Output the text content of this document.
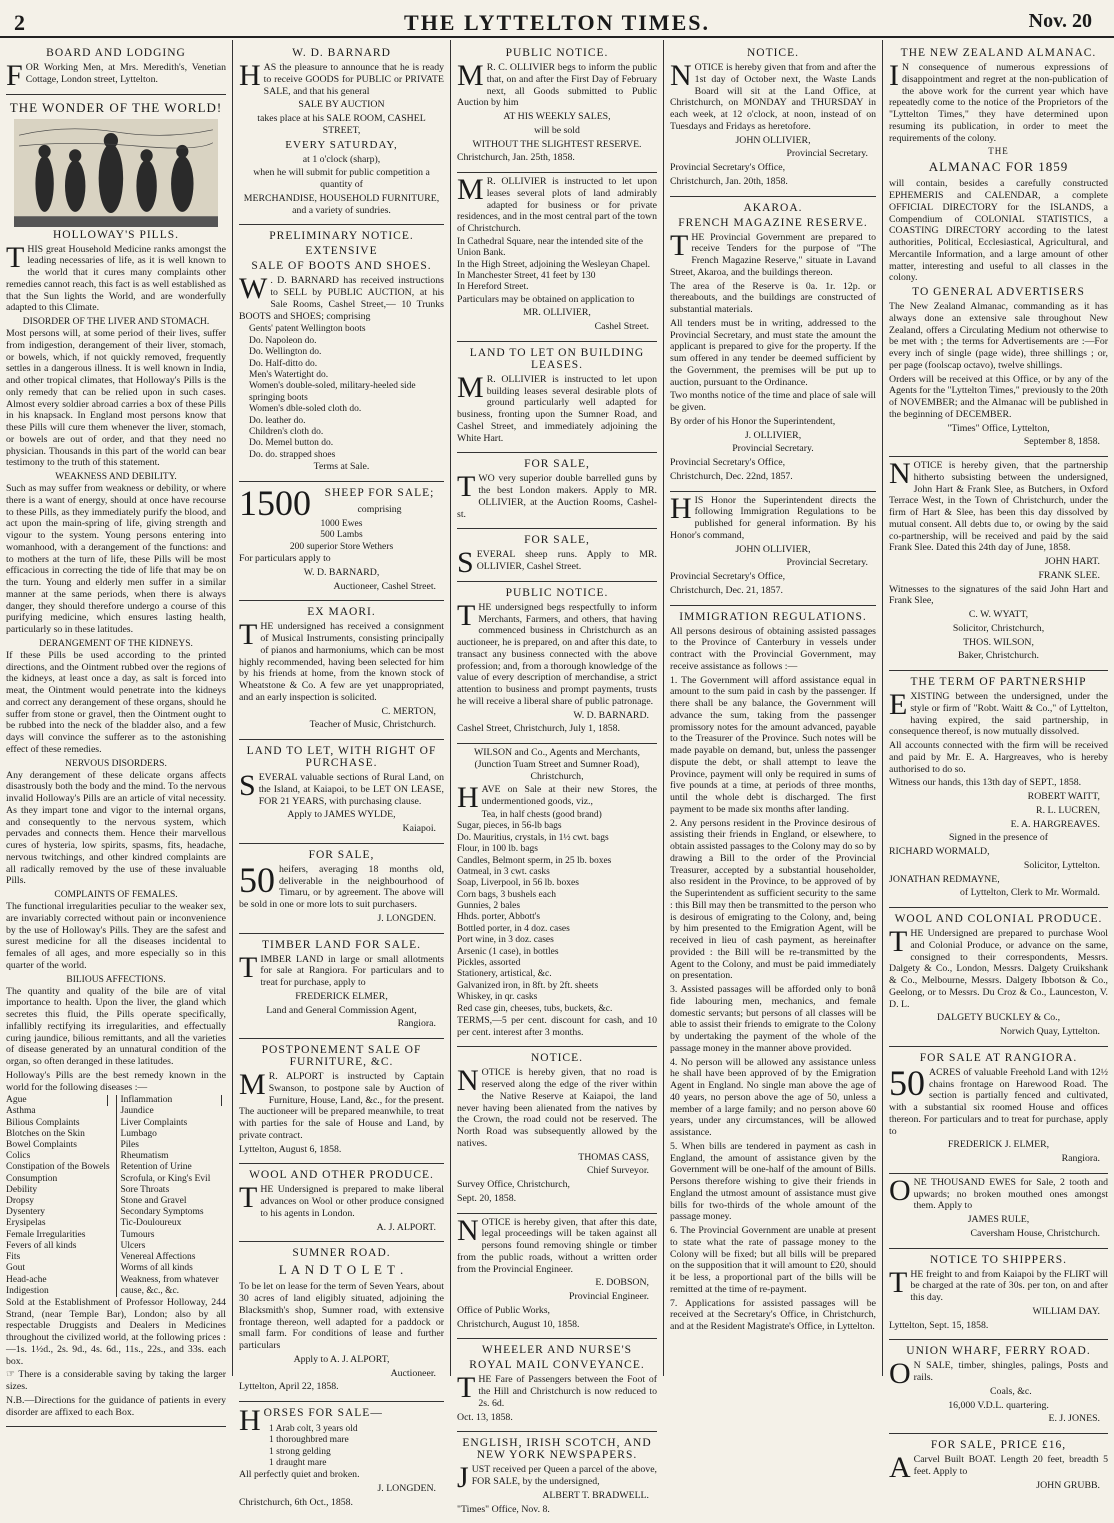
2	THE LYTTELTON TIMES.	Nov. 20
BOARD AND LODGING

FOR Working Men, at Mrs. Meredith's, Venetian Cottage, London street, Lyttelton.

THE WONDER OF THE WORLD!
HOLLOWAY'S PILLS.

THIS great Household Medicine ranks amongst the leading necessaries of life, as it is well known to the world that it cures many complaints other remedies cannot reach, this fact is as well established as that the Sun lights the World, and are wonderfully adapted to this Climate.

DISORDER OF THE LIVER AND STOMACH.

Most persons will, at some period of their lives, suffer from indigestion, derangement of their liver, stomach, or bowels, which, if not quickly removed, frequently settles in a dangerous illness. It is well known in India, and other tropical climates, that Holloway's Pills is the only remedy that can be relied upon in such cases. Almost every soldier abroad carries a box of these Pills in his knapsack. In England most persons know that these Pills will cure them whenever the liver, stomach, or bowels are out of order, and that they need no physician. Thousands in this part of the world can bear testimony to the truth of this statement.

WEAKNESS AND DEBILITY.

Such as may suffer from weakness or debility, or where there is a want of energy, should at once have recourse to these Pills, as they immediately purify the blood, and act upon the main-spring of life, giving strength and vigour to the system. Young persons entering into womanhood, with a derangement of the functions: and to mothers at the turn of life, these Pills will be most efficacious in correcting the tide of life that may be on the turn. Young and elderly men suffer in a similar manner at the same periods, when there is always danger, they should therefore undergo a course of this purifying medicine, which ensures lasting health, particularly so in these latitudes.

DERANGEMENT OF THE KIDNEYS.

If these Pills be used according to the printed directions, and the Ointment rubbed over the regions of the kidneys, at least once a day, as salt is forced into meat, the Ointment would penetrate into the kidneys and correct any derangement of these organs, should he suffer from stone or gravel, then the Ointment ought to be rubbed into the neck of the bladder also, and a few days will convince the sufferer as to the astonishing effect of these remedies.

NERVOUS DISORDERS.

Any derangement of these delicate organs affects disastrously both the body and the mind. To the nervous invalid Holloway's Pills are an article of vital necessity. As they impart tone and vigor to the internal organs, and consequently to the nervous system, which pervades and connects them. Hence their marvellous cures of hysteria, low spirits, spasms, fits, headache, nervous twitchings, and other kindred complaints are all radically removed by the use of these invaluable Pills.

COMPLAINTS OF FEMALES.

The functional irregularities peculiar to the weaker sex, are invariably corrected without pain or inconvenience by the use of Holloway's Pills. They are the safest and surest medicine for all the diseases incidental to females of all ages, and more especially so in this quarter of the world.

BILIOUS AFFECTIONS.

The quantity and quality of the bile are of vital importance to health. Upon the liver, the gland which secretes this fluid, the Pills operate specifically, infallibly rectifying its irregularities, and effectually curing jaundice, bilious remittants, and all the varieties of disease generated by an unnatural condition of the organ, so often deranged in these latitudes.

Holloway's Pills are the best remedy known in the world for the following diseases :—

Ague
Asthma
Bilious Complaints
Blotches on the Skin
Bowel Complaints
Colics
Constipation of the Bowels
Consumption
Debility
Dropsy
Dysentery
Erysipelas
Female Irregularities
Fevers of all kinds
Fits
Gout
Head-ache
Indigestion
Inflammation
Jaundice
Liver Complaints
Lumbago
Piles
Rheumatism
Retention of Urine
Scrofula, or King's Evil
Sore Throats
Stone and Gravel
Secondary Symptoms
Tic-Douloureux
Tumours
Ulcers
Venereal Affections
Worms of all kinds
Weakness, from whatever cause, &c., &c.

Sold at the Establishment of Professor Holloway, 244 Strand, (near Temple Bar), London; also by all respectable Druggists and Dealers in Medicines throughout the civilized world, at the following prices :—1s. 1½d., 2s. 9d., 4s. 6d., 11s., 22s., and 33s. each box.

☞ There is a considerable saving by taking the larger sizes.

N.B.—Directions for the guidance of patients in every disorder are affixed to each Box.

W. D. BARNARD

HAS the pleasure to announce that he is ready to receive GOODS for PUBLIC or PRIVATE SALE, and that his general

SALE BY AUCTION

takes place at his SALE ROOM, CASHEL STREET,

EVERY SATURDAY,

at 1 o'clock (sharp),

when he will submit for public competition a quantity of

MERCHANDISE, HOUSEHOLD FURNITURE, and a variety of sundries.

PRELIMINARY NOTICE.
EXTENSIVE
SALE OF BOOTS AND SHOES.

W . D. BARNARD has received instructions to SELL by PUBLIC AUCTION, at his Sale Rooms, Cashel Street,— 10 Trunks BOOTS and SHOES; comprising

Gents' patent Wellington boots
Do. Napoleon do.
Do. Wellington do.
Do. Half-ditto do.
Men's Watertight do.
Women's double-soled, military-heeled side springing boots
Women's dble-soled cloth do.
Do. leather do.
Children's cloth do.
Do. Memel button do.
Do. do. strapped shoes

Terms at Sale.

1500	SHEEP FOR SALE;

comprising

1000 Ewes
500 Lambs
200 superior Store Wethers

For particulars apply to

W. D. BARNARD,

Auctioneer, Cashel Street.

EX MAORI.

THE undersigned has received a consignment of Musical Instruments, consisting principally of pianos and harmoniums, which can be most highly recommended, having been selected for him by his friends at home, from the known stock of Wheatstone & Co. A few are yet unappropriated, and an early inspection is solicited.

C. MERTON,

Teacher of Music, Christchurch.

LAND TO LET, WITH RIGHT OF PURCHASE.

SEVERAL valuable sections of Rural Land, on the Island, at Kaiapoi, to be LET ON LEASE, FOR 21 YEARS, with purchasing clause.

Apply to JAMES WYLDE,

Kaiapoi.

FOR SALE,

50 heifers, averaging 18 months old, deliverable in the neighbourhood of Timaru, or by agreement. The above will be sold in one or more lots to suit purchasers.

J. LONGDEN.

TIMBER LAND FOR SALE.

TIMBER LAND in large or small allotments for sale at Rangiora. For particulars and to treat for purchase, apply to

FREDERICK ELMER,

Land and General Commission Agent,

Rangiora.

POSTPONEMENT SALE OF FURNITURE, &C.

M R. ALPORT is instructed by Captain Swanson, to postpone sale by Auction of Furniture, House, Land, &c., for the present. The auctioneer will be prepared meanwhile, to treat with parties for the sale of House and Land, by private contract.

Lyttelton, August 6, 1858.

WOOL AND OTHER PRODUCE.

THE Undersigned is prepared to make liberal advances on Wool or other produce consigned to his agents in London.

A. J. ALPORT.

SUMNER ROAD.
L A N D T O L E T .

To be let on lease for the term of Seven Years, about 30 acres of land eligibly situated, adjoining the Blacksmith's shop, Sumner road, with extensive frontage thereon, well adapted for a paddock or small farm. For conditions of lease and further particulars

Apply to A. J. ALPORT,

Auctioneer.

Lyttelton, April 22, 1858.

H ORSES FOR SALE—

1 Arab colt, 3 years old
1 thoroughbred mare
1 strong gelding
1 draught mare

All perfectly quiet and broken.

J. LONGDEN.

Christchurch, 6th Oct., 1858.

PUBLIC NOTICE.

M R. C. OLLIVIER begs to inform the public that, on and after the First Day of February next, all Goods submitted to Public Auction by him

AT HIS WEEKLY SALES,

will be sold

WITHOUT THE SLIGHTEST RESERVE.

Christchurch, Jan. 25th, 1858.

M R. OLLIVIER is instructed to let upon leases several plots of land admirably adapted for business or for private residences, and in the most central part of the town of Christchurch.

In Cathedral Square, near the intended site of the Union Bank.
In the High Street, adjoining the Wesleyan Chapel.
In Manchester Street, 41 feet by 130
In Hereford Street.

Particulars may be obtained on application to

MR. OLLIVIER,

Cashel Street.

LAND TO LET ON BUILDING LEASES.

M R. OLLIVIER is instructed to let upon building leases several desirable plots of ground particularly well adapted for business, fronting upon the Sumner Road, and Cashel Street, and immediately adjoining the White Hart.

FOR SALE,

TWO very superior double barrelled guns by the best London makers. Apply to MR. OLLIVIER, at the Auction Rooms, Cashel-st.

FOR SALE,

SEVERAL sheep runs. Apply to MR. OLLIVIER, Cashel Street.

PUBLIC NOTICE.

THE undersigned begs respectfully to inform Merchants, Farmers, and others, that having commenced business in Christchurch as an auctioneer, he is prepared, on and after this date, to transact any business connected with the above profession; and, from a thorough knowledge of the value of every description of merchandise, a strict attention to business and prompt payments, trusts he will receive a liberal share of public patronage.

W. D. BARNARD.

Cashel Street, Christchurch, July 1, 1858.

WILSON and Co., Agents and Merchants, (Junction Tuam Street and Sumner Road), Christchurch,

HAVE on Sale at their new Stores, the undermentioned goods, viz.,

Tea, in half chests (good brand)
Sugar, pieces, in 56-lb bags
Do. Mauritius, crystals, in 1½ cwt. bags
Flour, in 100 lb. bags
Candles, Belmont sperm, in 25 lb. boxes
Oatmeal, in 3 cwt. casks
Soap, Liverpool, in 56 lb. boxes
Corn bags, 3 bushels each
Gunnies, 2 bales
Hhds. porter, Abbott's
Bottled porter, in 4 doz. cases
Port wine, in 3 doz. cases
Arsenic (1 case), in bottles
Pickles, assorted
Stationery, artistical, &c.
Galvanized iron, in 8ft. by 2ft. sheets
Whiskey, in qr. casks
Red case gin, cheeses, tubs, buckets, &c.

TERMS,—5 per cent. discount for cash, and 10 per cent. interest after 3 months.

NOTICE.

NOTICE is hereby given, that no road is reserved along the edge of the river within the Native Reserve at Kaiapoi, the land never having been alienated from the natives by the Crown, the road could not be reserved. The North Road was subsequently allowed by the natives.

THOMAS CASS,

Chief Surveyor.

Survey Office, Christchurch,

Sept. 20, 1858.

NOTICE is hereby given, that after this date, legal proceedings will be taken against all persons found removing shingle or timber from the public roads, without a written order from the Provincial Engineer.

E. DOBSON,

Provincial Engineer.

Office of Public Works,

Christchurch, August 10, 1858.

WHEELER AND NURSE'S
ROYAL MAIL CONVEYANCE.

THE Fare of Passengers between the Foot of the Hill and Christchurch is now reduced to 2s. 6d.

Oct. 13, 1858.

ENGLISH, IRISH SCOTCH, AND NEW YORK NEWSPAPERS.

JUST received per Queen a parcel of the above, FOR SALE, by the undersigned,

ALBERT T. BRADWELL.

"Times" Office, Nov. 8.

NOTICE.

NOTICE is hereby given that from and after the 1st day of October next, the Waste Lands Board will sit at the Land Office, at Christchurch, on MONDAY and THURSDAY in each week, at 12 o'clock, at noon, instead of on Tuesdays and Fridays as heretofore.

JOHN OLLIVIER,

Provincial Secretary.

Provincial Secretary's Office,

Christchurch, Jan. 20th, 1858.

AKAROA.
FRENCH MAGAZINE RESERVE.

THE Provincial Government are prepared to receive Tenders for the purpose of "The French Magazine Reserve," situate in Lavand Street, Akaroa, and the buildings thereon.

The area of the Reserve is 0a. 1r. 12p. or thereabouts, and the buildings are constructed of substantial materials.

All tenders must be in writing, addressed to the Provincial Secretary, and must state the amount the applicant is prepared to give for the property. If the sum offered in any tender be deemed sufficient by the Government, the premises will be put up to auction, pursuant to the Ordinance.

Two months notice of the time and place of sale will be given.

By order of his Honor the Superintendent,

J. OLLIVIER,

Provincial Secretary.

Provincial Secretary's Office,

Christchurch, Dec. 22nd, 1857.

HIS Honor the Superintendent directs the following Immigration Regulations to be published for general information. By his Honor's command,

JOHN OLLIVIER,

Provincial Secretary.

Provincial Secretary's Office,

Christchurch, Dec. 21, 1857.

IMMIGRATION REGULATIONS.

All persons desirous of obtaining assisted passages to the Province of Canterbury in vessels under contract with the Provincial Government, may receive assistance as follows :—

1. The Government will afford assistance equal in amount to the sum paid in cash by the passenger. If there shall be any balance, the Government will advance the sum, taking from the passenger promissory notes for the amount advanced, payable to the Treasurer of the Province. Such notes will be made payable on demand, but, unless the passenger dispute the debt, or shall attempt to leave the Province, payment will only be required in sums of five pounds at a time, at periods of three months, until the whole debt is discharged. The first payment to be made six months after landing.

2. Any persons resident in the Province desirous of assisting their friends in England, or elsewhere, to obtain assisted passages to the Colony may do so by drawing a Bill to the order of the Provincial Treasurer, accepted by a substantial householder, also resident in the Province, to be approved of by the Superintendent as sufficient security to the same : this Bill may then be transmitted to the person who is desirous of emigrating to the Colony, and, being by him presented to the Emigration Agent, will be received in lieu of cash payment, as hereinafter provided : the Bill will be re-transmitted by the Agent to the Colony, and must be paid immediately on presentation.

3. Assisted passages will be afforded only to bonâ fide labouring men, mechanics, and female domestic servants; but persons of all classes will be able to assist their friends to emigrate to the Colony by undertaking the payment of the whole of the passage money in the manner above provided.

4. No person will be allowed any assistance unless he shall have been approved of by the Emigration Agent in England. No single man above the age of 40 years, no person above the age of 50, unless a member of a large family; and no person above 60 years, under any circumstances, will be allowed assistance.

5. When bills are tendered in payment as cash in England, the amount of assistance given by the Government will be one-half of the amount of Bills. Persons therefore wishing to give their friends in England the utmost amount of assistance must give bills for two-thirds of the whole amount of the passage money.

6. The Provincial Government are unable at present to state what the rate of passage money to the Colony will be fixed; but all bills will be prepared on the supposition that it will amount to £20, should it be less, a proportional part of the bills will be remitted at the time of re-payment.

7. Applications for assisted passages will be received at the Secretary's Office, in Christchurch, and at the Resident Magistrate's Office, in Lyttelton.

THE NEW ZEALAND ALMANAC.

I N consequence of numerous expressions of disappointment and regret at the non-publication of the above work for the current year which have repeatedly come to the notice of the Proprietors of the "Lyttelton Times," they have determined upon resuming its publication, in order to meet the requirements of the colony.

THE
ALMANAC FOR 1859

will contain, besides a carefully constructed EPHEMERIS and CALENDAR, a complete OFFICIAL DIRECTORY for the ISLANDS, a Compendium of COLONIAL STATISTICS, a COASTING DIRECTORY according to the latest authorities, Political, Ecclesiastical, Agricultural, and Mercantile Information, and a large amount of other matter, interesting and useful to all classes in the colony.

TO GENERAL ADVERTISERS

The New Zealand Almanac, commanding as it has always done an extensive sale throughout New Zealand, offers a Circulating Medium not otherwise to be met with ; the terms for Advertisements are :—For every inch of single (page wide), three shillings ; or, per page (foolscap octavo), twelve shillings.

Orders will be received at this Office, or by any of the Agents for the "Lyttelton Times," previously to the 20th of NOVEMBER; and the Almanac will be published in the beginning of DECEMBER.

"Times" Office, Lyttelton,

September 8, 1858.

NOTICE is hereby given, that the partnership hitherto subsisting between the undersigned, John Hart & Frank Slee, as Butchers, in Oxford Terrace West, in the Town of Christchurch, under the firm of Hart & Slee, has been this day dissolved by mutual consent. All debts due to, or owing by the said co-partnership, will be received and paid by the said Frank Slee. Dated this 24th day of June, 1858.

JOHN HART.

FRANK SLEE.

Witnesses to the signatures of the said John Hart and Frank Slee,

C. W. WYATT,

Solicitor, Christchurch,

THOS. WILSON,

Baker, Christchurch.

THE TERM OF PARTNERSHIP

EXISTING between the undersigned, under the style or firm of "Robt. Waitt & Co.," of Lyttelton, having expired, the said partnership, in consequence thereof, is now mutually dissolved.

All accounts connected with the firm will be received and paid by Mr. E. A. Hargreaves, who is hereby authorised to do so.

Witness our hands, this 13th day of SEPT., 1858.

ROBERT WAITT,

R. L. LUCREN,

E. A. HARGREAVES.

Signed in the presence of

RICHARD WORMALD,

Solicitor, Lyttelton.

JONATHAN REDMAYNE,

of Lyttelton, Clerk to Mr. Wormald.

WOOL AND COLONIAL PRODUCE.

THE Undersigned are prepared to purchase Wool and Colonial Produce, or advance on the same, consigned to their correspondents, Messrs. Dalgety & Co., London, Messrs. Dalgety Cruikshank & Co., Melbourne, Messrs. Dalgety Ibbotson & Co., Geelong, or to Messrs. Du Croz & Co., Launceston, V. D. L.

DALGETY BUCKLEY & Co.,

Norwich Quay, Lyttelton.

FOR SALE AT RANGIORA.

50 ACRES of valuable Freehold Land with 12½ chains frontage on Harewood Road. The section is partially fenced and cultivated, with a substantial six roomed House and offices thereon. For particulars and to treat for purchase, apply to

FREDERICK J. ELMER,

Rangiora.

ONE THOUSAND EWES for Sale, 2 tooth and upwards; no broken mouthed ones amongst them. Apply to

JAMES RULE,

Caversham House, Christchurch.

NOTICE TO SHIPPERS.

THE freight to and from Kaiapoi by the FLIRT will be charged at the rate of 30s. per ton, on and after this day.

WILLIAM DAY.

Lyttelton, Sept. 15, 1858.

UNION WHARF, FERRY ROAD.

O N SALE, timber, shingles, palings, Posts and rails.

Coals, &c.

16,000 V.D.L. quartering.

E. J. JONES.

FOR SALE, PRICE £16,

A Carvel Built BOAT. Length 20 feet, breadth 5 feet. Apply to

JOHN GRUBB.
